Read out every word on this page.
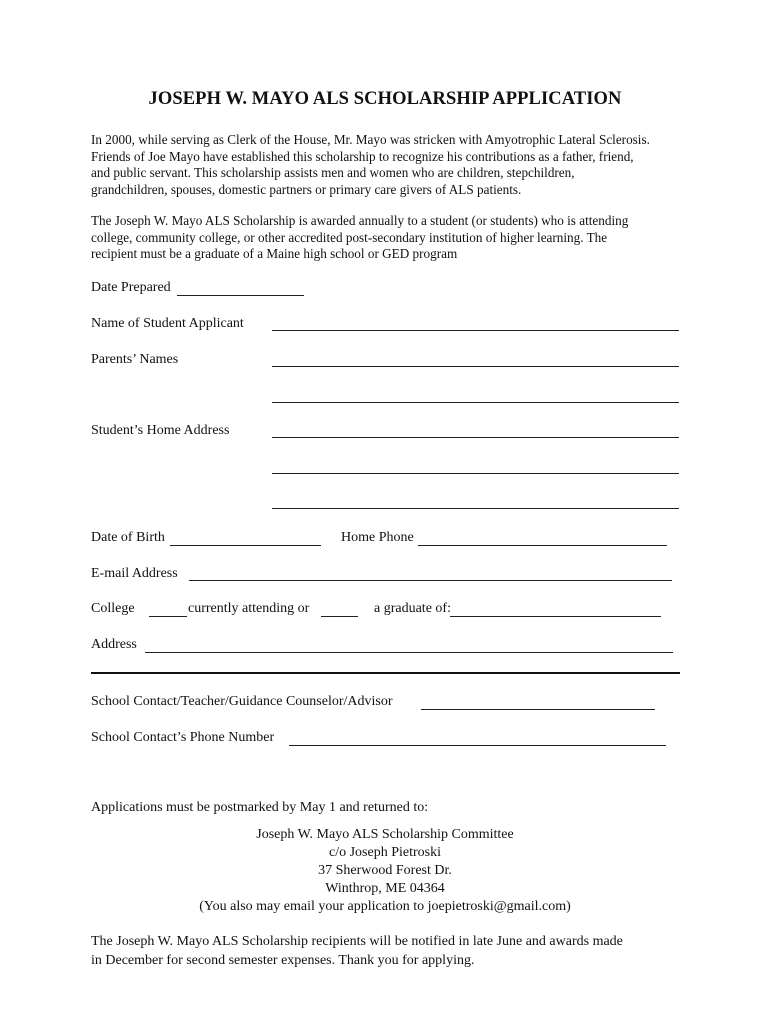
JOSEPH W. MAYO ALS SCHOLARSHIP APPLICATION
In 2000, while serving as Clerk of the House, Mr. Mayo was stricken with Amyotrophic Lateral Sclerosis.
Friends of Joe Mayo have established this scholarship to recognize his contributions as a father, friend,
and public servant. This scholarship assists men and women who are children, stepchildren,
grandchildren, spouses, domestic partners or primary care givers of ALS patients.
The Joseph W. Mayo ALS Scholarship is awarded annually to a student (or students) who is attending
college, community college, or other accredited post-secondary institution of higher learning. The
recipient must be a graduate of a Maine high school or GED program
Date Prepared
Name of Student Applicant
Parents’ Names
Student’s Home Address
Date of Birth	Home Phone
E-mail Address
College	currently attending or	a graduate of:
Address
School Contact/Teacher/Guidance Counselor/Advisor
School Contact’s Phone Number
Applications must be postmarked by May 1 and returned to:
Joseph W. Mayo ALS Scholarship Committee
c/o Joseph Pietroski
37 Sherwood Forest Dr.
Winthrop, ME 04364
(You also may email your application to joepietroski@gmail.com)
The Joseph W. Mayo ALS Scholarship recipients will be notified in late June and awards made
in December for second semester expenses. Thank you for applying.
